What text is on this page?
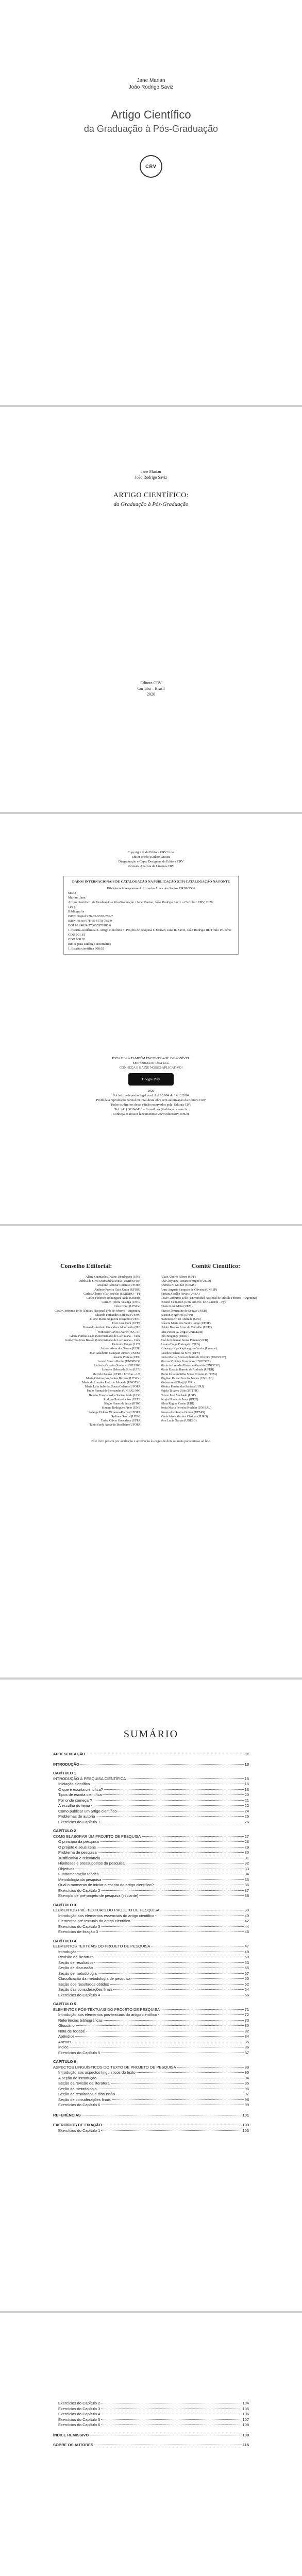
Jane Marian
João Rodrigo Saviz
Artigo Científico
da Graduação à Pós-Graduação
CRV
Jane Marian
João Rodrigo Saviz
ARTIGO CIENTÍFICO:
da Graduação à Pós-Graduação
Editora CRV
Curitiba – Brasil
2020
Copyright © da Editora CRV Ltda.
Editor-chefe: Railson Moura
Diagramação e Capa: Designers da Editora CRV
Revisão: Analista de Línguas CRV
DADOS INTERNACIONAIS DE CATALOGAÇÃO NA PUBLICAÇÃO (CIP) CATALOGAÇÃO NA FONTE
Bibliotecária responsável: Luzenira Alves dos Santos CRB9/1506
M333
Marian, Jane.
Artigo científico: da Graduação à Pós-Graduação / Jane Marian, João Rodrigo Saviz – Curitiba : CRV, 2020.
116 p.
Bibliografia
ISBN Digital 978-65-5578-786-7
ISBN Físico 978-65-5578-785-0
DOI 10.24824/978655578785.0
1. Escrita acadêmica 2. Artigo científico 3. Projeto de pesquisa I. Marian, Jane II. Saviz, João Rodrigo III. Título IV. Série
CDU 001.81
CDD 808.02
Índice para catálogo sistemático
1. Escrita científica 808.02
ESTA OBRA TAMBÉM ENCONTRA-SE DISPONÍVEL
EM FORMATO DIGITAL.
CONHEÇA E BAIXE NOSSO APLICATIVO!
Google Play
2020
Foi feito o depósito legal conf. Lei 10.994 de 14/12/2004
Proibida a reprodução parcial ou total desta obra sem autorização da Editora CRV
Todos os direitos desta edição reservados pela: Editora CRV
Tel.: (41) 3039-6418 – E-mail: sac@editoracrv.com.br
Conheça os nossos lançamentos: www.editoracrv.com.br
Conselho Editorial:
Aldira Guimarães Duarte Domínguez (UNB)
Andréia da Silva Quintanilha Sousa (UNIR/UFRN)
Anselmo Alencar Colares (UFOPA)
Antônio Pereira Gaio Júnior (UFRRJ)
Carlos Alberto Vilar Estêvão (UMINHO – PT)
Carlos Federico Dominguez Avila (Unieuro)
Carmen Tereza Velanga (UNIR)
Celso Conti (UFSCar)
Cesar Gerónimo Tello (Univer. Nacional Três de Febrero – Argentina)
Eduardo Fernandes Barbosa (UFMG)
Elione Maria Nogueira Diogenes (UFAL)
Élsio José Corá (UFFS)
Fernando Antônio Gonçalves Alcoforado (IPB)
Francisco Carlos Duarte (PUC-PR)
Gloria Fariñas León (Universidade de La Havana – Cuba)
Guillermo Arias Beatón (Universidade de La Havana – Cuba)
Helmuth Krüger (UCP)
Jailson Alves dos Santos (UFRJ)
João Adalberto Campato Junior (UNESP)
Josania Portela (UFPI)
Leonel Severo Rocha (UNISINOS)
Lídia de Oliveira Xavier (UNIEURO)
Lourdes Helena da Silva (UFV)
Marcelo Paixão (UFRJ e UTexas – US)
Maria Cristina dos Santos Bezerra (UFSCar)
Maria de Lourdes Pinto de Almeida (UNOESC)
Maria Lília Imbiriba Sousa Colares (UFOPA)
Paulo Romualdo Hernandes (UNIFAL-MG)
Renato Francisco dos Santos Paula (UFG)
Rodrigo Pratte-Santos (UFES)
Sérgio Nunes de Jesus (IFRO)
Simone Rodrigues Pinto (UNB)
Solange Helena Ximenes-Rocha (UFOPA)
Sydione Santos (UEPG)
Tadeu Oliver Gonçalves (UFPA)
Tania Suely Azevedo Brasileiro (UFOPA)
Comitê Científico:
Altair Alberto Fávero (UPF)
Ana Chrystina Venancio Mignot (UERJ)
Andréia N. Militão (UEMS)
Anna Augusta Sampaio de Oliveira (UNESP)
Barbara Coelho Neves (UFBA)
Cesar Gerónimo Tello (Universidad Nacional de Três de Febrero – Argentina)
Diosnel Centurion (Univ Americ. de Asunción – Py)
Eliane Rose Maio (UEM)
Elizeu Clementino de Souza (UNEB)
Fauston Negreiros (UFPI)
Francisco Ari de Andrade (UFC)
Gláucia Maria dos Santos Jorge (UFOP)
Helder Buenos Aires de Carvalho (UFPI)
Ilma Passos A. Veiga (UNICEUB)
Inês Bragança (UERJ)
José de Ribamar Sousa Pereira (UCB)
Jussara Fraga Portugal (UNEB)
Kilwangy Kya Kapitango-a-Samba (Unemat)
Lourdes Helena da Silva (UFV)
Lucia Marisy Souza Ribeiro de Oliveira (UNIVASF)
Marcos Vinicius Francisco (UNOESTE)
Maria de Lourdes Pinto de Almeida (UNOESC)
Maria Eurácia Barreto de Andrade (UFRB)
Maria Lília Imbiriba Sousa Colares (UFOPA)
Míghian Danae Ferreira Nunes (UNILAB)
Mohammed Elhajji (UFRJ)
Mônica Pereira dos Santos (UFRJ)
Najela Tavares Ujiie (UTFPR)
Nilson José Machado (USP)
Sérgio Nunes de Jesus (IFRO)
Silvia Regina Canan (URI)
Sonia Maria Ferreira Koehler (UNISAL)
Suzana dos Santos Gomes (UFMG)
Vânia Alves Martins Chaigar (FURG)
Vera Lucia Gaspar (UDESC)
Este livro passou por avaliação e aprovação às cegas de dois ou mais pareceristas ad hoc.
SUMÁRIO
APRESENTAÇÃO	11
INTRODUÇÃO	13
CAPÍTULO 1
INTRODUÇÃO À PESQUISA CIENTÍFICA	15
Iniciação científica	16
O que é escrita científica?	18
Tipos de escrita científica	20
Por onde começar?	21
A escolha do tema	22
Como publicar um artigo científico	24
Problemas de autoria	25
Exercícios do Capítulo 1	26
CAPÍTULO 2
COMO ELABORAR UM PROJETO DE PESQUISA	27
O princípio da pesquisa	28
O projeto e seus itens	29
Problema de pesquisa	30
Justificativa e relevância	31
Hipóteses e pressupostos da pesquisa	32
Objetivos	33
Fundamentação teórica	34
Metodologia da pesquisa	35
Qual o momento de iniciar a escrita do artigo científico?	36
Exercícios do Capítulo 2	37
Exemplo de pré-projeto de pesquisa (iniciante)	38
CAPÍTULO 3
ELEMENTOS PRÉ-TEXTUAIS DO PROJETO DE PESQUISA	39
Introdução aos elementos essenciais do artigo científico	40
Elementos pré-textuais do artigo científico	42
Exercícios do Capítulo 3	44
Exercícios de fixação 3	46
CAPÍTULO 4
ELEMENTOS TEXTUAIS DO PROJETO DE PESQUISA	47
Introdução	48
Revisão de literatura	50
Seção de resultados	53
Seção de discussão	55
Seção de metodologia	57
Classificação da metodologia de pesquisa	60
Seção dos resultados obtidos	62
Seção das considerações finais	64
Exercícios do Capítulo 4	66
CAPÍTULO 5
ELEMENTOS PÓS-TEXTUAIS DO PROJETO DE PESQUISA	71
Introdução aos elementos pós-textuais do artigo científico	72
Referências bibliográficas	73
Glossário	80
Nota de rodapé	82
Apêndice	84
Anexos	85
Índice	86
Exercícios do Capítulo 5	87
CAPÍTULO 6
ASPECTOS LINGUÍSTICOS DO TEXTO DE PROJETO DE PESQUISA	89
Introdução aos aspectos linguísticos do texto	90
A seção de introdução	94
Seção da revisão da literatura	95
Seção da metodologia	96
Seção de resultados e discussão	97
Seção de considerações finais	98
Exercícios do Capítulo 6	99
REFERÊNCIAS	101
EXERCÍCIOS DE FIXAÇÃO	103
Exercícios do Capítulo 1	103
Exercícios do Capítulo 2	104
Exercícios do Capítulo 3	105
Exercícios do Capítulo 4	106
Exercícios do Capítulo 5	107
Exercícios do Capítulo 6	108
ÍNDICE REMISSIVO	109
SOBRE OS AUTORES	115
